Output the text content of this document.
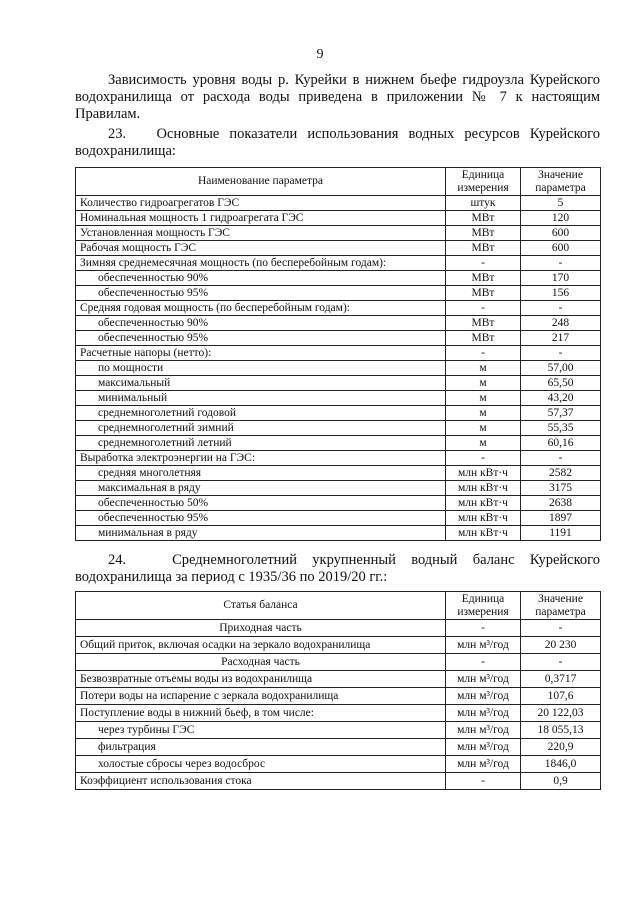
9

Зависимость уровня воды р. Курейки в нижнем бьефе гидроузла Курейского водохранилища от расхода воды приведена в приложении № 7 к настоящим Правилам.

23.   Основные показатели использования водных ресурсов Курейского водохранилища:

Наименование параметра	Единица измерения	Значение параметра
Количество гидроагрегатов ГЭС	штук	5
Номинальная мощность 1 гидроагрегата ГЭС	МВт	120
Установленная мощность ГЭС	МВт	600
Рабочая мощность ГЭС	МВт	600
Зимняя среднемесячная мощность (по бесперебойным годам):	-	-
обеспеченностью 90%	МВт	170
обеспеченностью 95%	МВт	156
Средняя годовая мощность (по бесперебойным годам):	-	-
обеспеченностью 90%	МВт	248
обеспеченностью 95%	МВт	217
Расчетные напоры (нетто):	-	-
по мощности	м	57,00
максимальный	м	65,50
минимальный	м	43,20
среднемноголетний годовой	м	57,37
среднемноголетний зимний	м	55,35
среднемноголетний летний	м	60,16
Выработка электроэнергии на ГЭС:	-	-
средняя многолетняя	млн кВт·ч	2582
максимальная в ряду	млн кВт·ч	3175
обеспеченностью 50%	млн кВт·ч	2638
обеспеченностью 95%	млн кВт·ч	1897
минимальная в ряду	млн кВт·ч	1191

24.   Среднемноголетний укрупненный водный баланс Курейского водохранилища за период с 1935/36 по 2019/20 гг.:

Статья баланса	Единица измерения	Значение параметра
Приходная часть	-	-
Общий приток, включая осадки на зеркало водохранилища	млн м³/год	20 230
Расходная часть	-	-
Безвозвратные отъемы воды из водохранилища	млн м³/год	0,3717
Потери воды на испарение с зеркала водохранилища	млн м³/год	107,6
Поступление воды в нижний бьеф, в том числе:	млн м³/год	20 122,03
через турбины ГЭС	млн м³/год	18 055,13
фильтрация	млн м³/год	220,9
холостые сбросы через водосброс	млн м³/год	1846,0
Коэффициент использования стока	-	0,9
